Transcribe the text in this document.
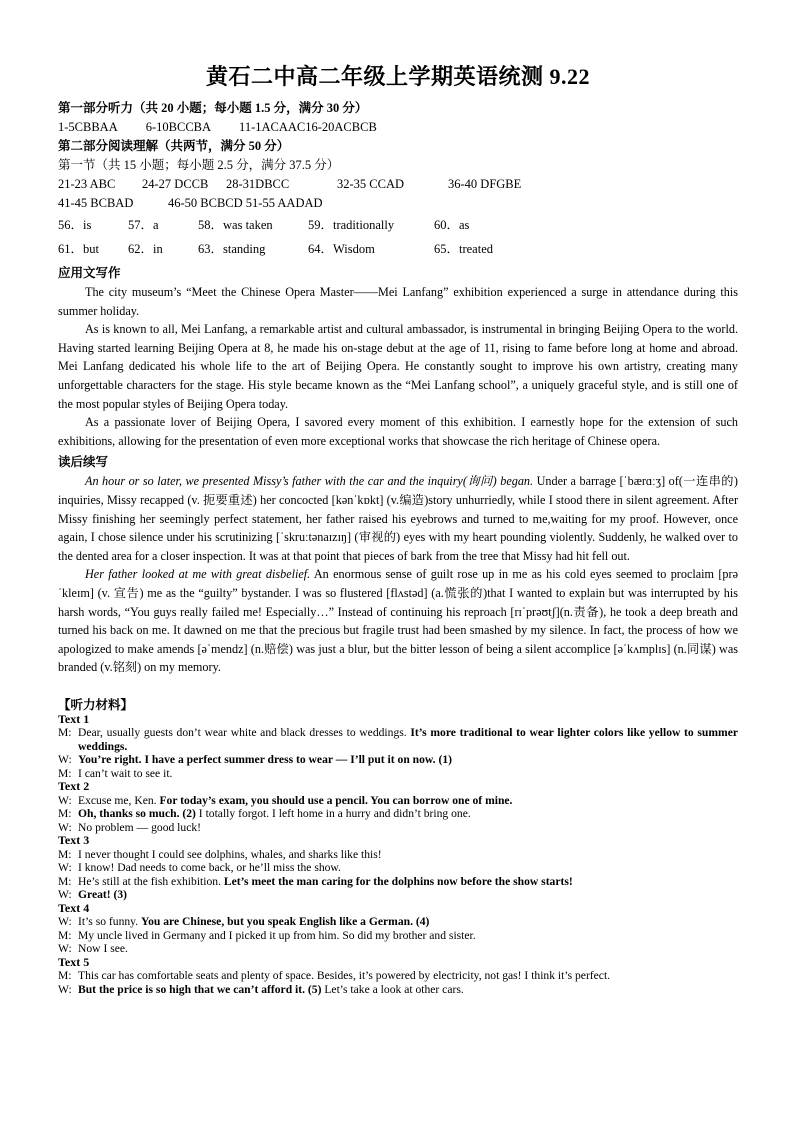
黄石二中高二年级上学期英语统测 9.22
第一部分听力（共 20 小题；每小题 1.5 分，满分 30 分）
1-5CBBAA 6-10BCCBA 11-1ACAAC16-20ACBCB
第二部分阅读理解（共两节，满分 50 分）
第一节（共 15 小题；每小题 2.5 分，满分 37.5 分）
21-23 ABC 24-27 DCCB 28-31DBCC	32-35 CCAD	36-40 DFGBE
41-45 BCBAD	46-50 BCBCD 51-55 AADAD
56．is	57．a	58．was taken	59．traditionally	60．as
61．but	62．in	63．standing	64．Wisdom	65．treated
应用文写作

The city museum’s “Meet the Chinese Opera Master——Mei Lanfang” exhibition experienced a surge in attendance during this summer holiday.

As is known to all, Mei Lanfang, a remarkable artist and cultural ambassador, is instrumental in bringing Beijing Opera to the world. Having started learning Beijing Opera at 8, he made his on-stage debut at the age of 11, rising to fame before long at home and abroad. Mei Lanfang dedicated his whole life to the art of Beijing Opera. He constantly sought to improve his own artistry, creating many unforgettable characters for the stage. His style became known as the “Mei Lanfang school”, a uniquely graceful style, and is still one of the most popular styles of Beijing Opera today.

As a passionate lover of Beijing Opera, I savored every moment of this exhibition. I earnestly hope for the extension of such exhibitions, allowing for the presentation of even more exceptional works that showcase the rich heritage of Chinese opera.

读后续写

An hour or so later, we presented Missy’s father with the car and the inquiry(询问) began. Under a barrage [ˈbærɑːʒ] of(一连串的) inquiries, Missy recapped (v. 扼要重述) her concocted [kənˈkɒkt] (v.编造)story unhurriedly, while I stood there in silent agreement. After Missy finishing her seemingly perfect statement, her father raised his eyebrows and turned to me,waiting for my proof. However, once again, I chose silence under his scrutinizing [ˈskruːtənaɪzɪŋ] (审视的) eyes with my heart pounding violently. Suddenly, he walked over to the dented area for a closer inspection. It was at that point that pieces of bark from the tree that Missy had hit fell out.

Her father looked at me with great disbelief. An enormous sense of guilt rose up in me as his cold eyes seemed to proclaim [prəˈkleɪm] (v. 宣告) me as the “guilty” bystander. I was so flustered [flʌstəd] (a.慌张的)that I wanted to explain but was interrupted by his harsh words, “You guys really failed me! Especially…” Instead of continuing his reproach [rɪˈprəʊtʃ](n.责备), he took a deep breath and turned his back on me. It dawned on me that the precious but fragile trust had been smashed by my silence. In fact, the process of how we apologized to make amends [əˈmendz] (n.赔偿) was just a blur, but the bitter lesson of being a silent accomplice [əˈkʌmplɪs] (n.同谋) was branded (v.铭刻) on my memory.

【听力材料】
Text 1
M: Dear, usually guests don’t wear white and black dresses to weddings. It’s more traditional to wear lighter colors like yellow to summer weddings.
W: You’re right. I have a perfect summer dress to wear — I’ll put it on now. (1)
M: I can’t wait to see it.
Text 2
W: Excuse me, Ken. For today’s exam, you should use a pencil. You can borrow one of mine.
M: Oh, thanks so much. (2) I totally forgot. I left home in a hurry and didn’t bring one.
W: No problem — good luck!
Text 3
M: I never thought I could see dolphins, whales, and sharks like this!
W: I know! Dad needs to come back, or he’ll miss the show.
M: He’s still at the fish exhibition. Let’s meet the man caring for the dolphins now before the show starts!
W: Great! (3)
Text 4
W: It’s so funny. You are Chinese, but you speak English like a German. (4)
M: My uncle lived in Germany and I picked it up from him. So did my brother and sister.
W: Now I see.
Text 5
M: This car has comfortable seats and plenty of space. Besides, it’s powered by electricity, not gas! I think it’s perfect.
W: But the price is so high that we can’t afford it. (5) Let’s take a look at other cars.
